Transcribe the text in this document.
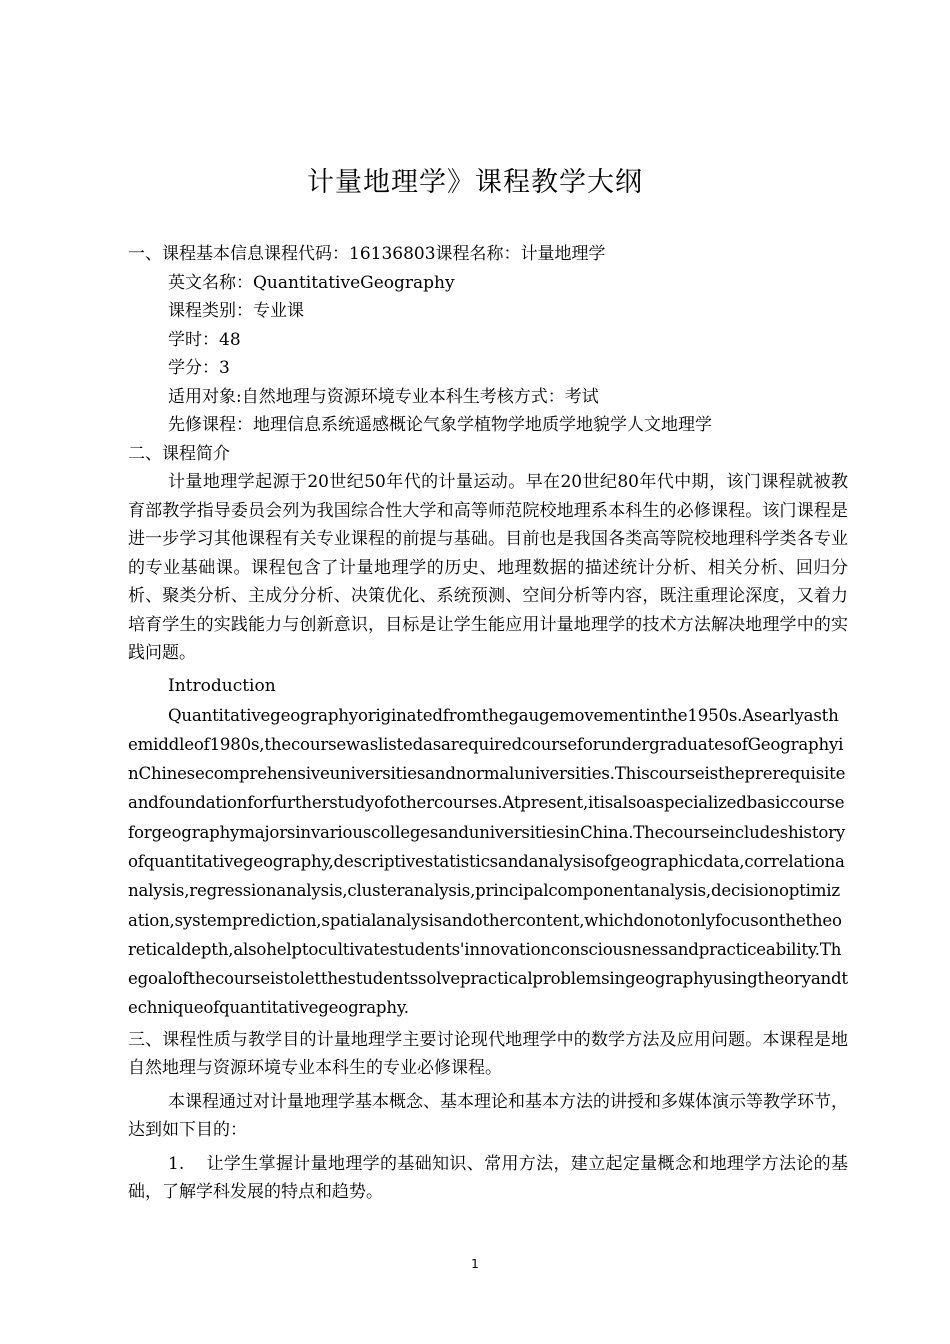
计量地理学》课程教学大纲
一、课程基本信息课程代码：16136803课程名称：计量地理学
英文名称：QuantitativeGeography
课程类别：专业课
学时：48
学分：3
适用对象:自然地理与资源环境专业本科生考核方式：考试
先修课程：地理信息系统遥感概论气象学植物学地质学地貌学人文地理学
二、课程简介
计量地理学起源于20世纪50年代的计量运动。早在20世纪80年代中期，该门课程就被教育部教学指导委员会列为我国综合性大学和高等师范院校地理系本科生的必修课程。该门课程是进一步学习其他课程有关专业课程的前提与基础。目前也是我国各类高等院校地理科学类各专业的专业基础课。课程包含了计量地理学的历史、地理数据的描述统计分析、相关分析、回归分析、聚类分析、主成分分析、决策优化、系统预测、空间分析等内容，既注重理论深度，又着力培育学生的实践能力与创新意识，目标是让学生能应用计量地理学的技术方法解决地理学中的实践问题。
Introduction
Quantitativegeographyoriginatedfromthegaugemovementinthe1950s.Asearlyasthemiddleof1980s,thecoursewaslistedasarequiredcourseforundergraduatesofGeographyinChinesecomprehensiveuniversitiesandnormaluniversities.Thiscourseistheprerequisiteandfoundationforfurtherstudyofothercourses.Atpresent,itisalsoaspecializedbasiccourseforgeographymajorsinvariouscollegesanduniversitiesinChina.Thecourseincludeshistoryofquantitativegeography,descriptivestatisticsandanalysisofgeographicdata,correlationanalysis,regressionanalysis,clusteranalysis,principalcomponentanalysis,decisionoptimization,systemprediction,spatialanalysisandothercontent,whichdonotonlyfocusonthetheoreticaldepth,alsohelptocultivatestudents'innovationconsciousnessandpracticeability.Thegoalofthecourseistoletthestudentssolvepracticalproblemsingeographyusingtheoryandtechniqueofquantitativegeography.
三、课程性质与教学目的计量地理学主要讨论现代地理学中的数学方法及应用问题。本课程是地自然地理与资源环境专业本科生的专业必修课程。
本课程通过对计量地理学基本概念、基本理论和基本方法的讲授和多媒体演示等教学环节，达到如下目的：
1. 让学生掌握计量地理学的基础知识、常用方法，建立起定量概念和地理学方法论的基础，了解学科发展的特点和趋势。
1
